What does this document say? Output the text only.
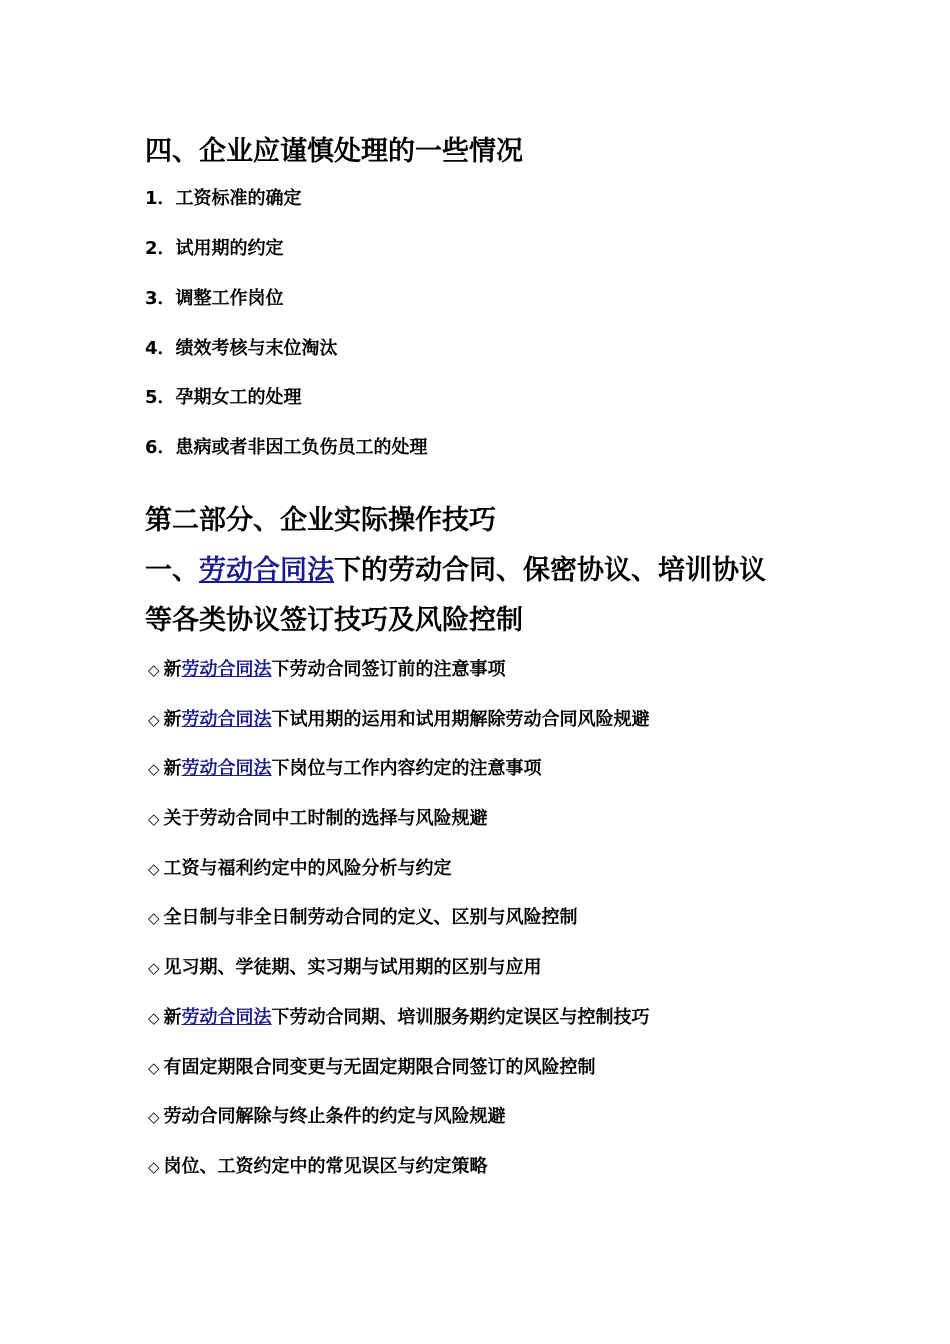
四、企业应谨慎处理的一些情况
1．工资标准的确定
2．试用期的约定
3．调整工作岗位
4．绩效考核与末位淘汰
5．孕期女工的处理
6．患病或者非因工负伤员工的处理
第二部分、企业实际操作技巧
一、劳动合同法下的劳动合同、保密协议、培训协议
等各类协议签订技巧及风险控制
◇ 新劳动合同法下劳动合同签订前的注意事项
◇ 新劳动合同法下试用期的运用和试用期解除劳动合同风险规避
◇ 新劳动合同法下岗位与工作内容约定的注意事项
◇ 关于劳动合同中工时制的选择与风险规避
◇ 工资与福利约定中的风险分析与约定
◇ 全日制与非全日制劳动合同的定义、区别与风险控制
◇ 见习期、学徒期、实习期与试用期的区别与应用
◇ 新劳动合同法下劳动合同期、培训服务期约定误区与控制技巧
◇ 有固定期限合同变更与无固定期限合同签订的风险控制
◇ 劳动合同解除与终止条件的约定与风险规避
◇ 岗位、工资约定中的常见误区与约定策略
